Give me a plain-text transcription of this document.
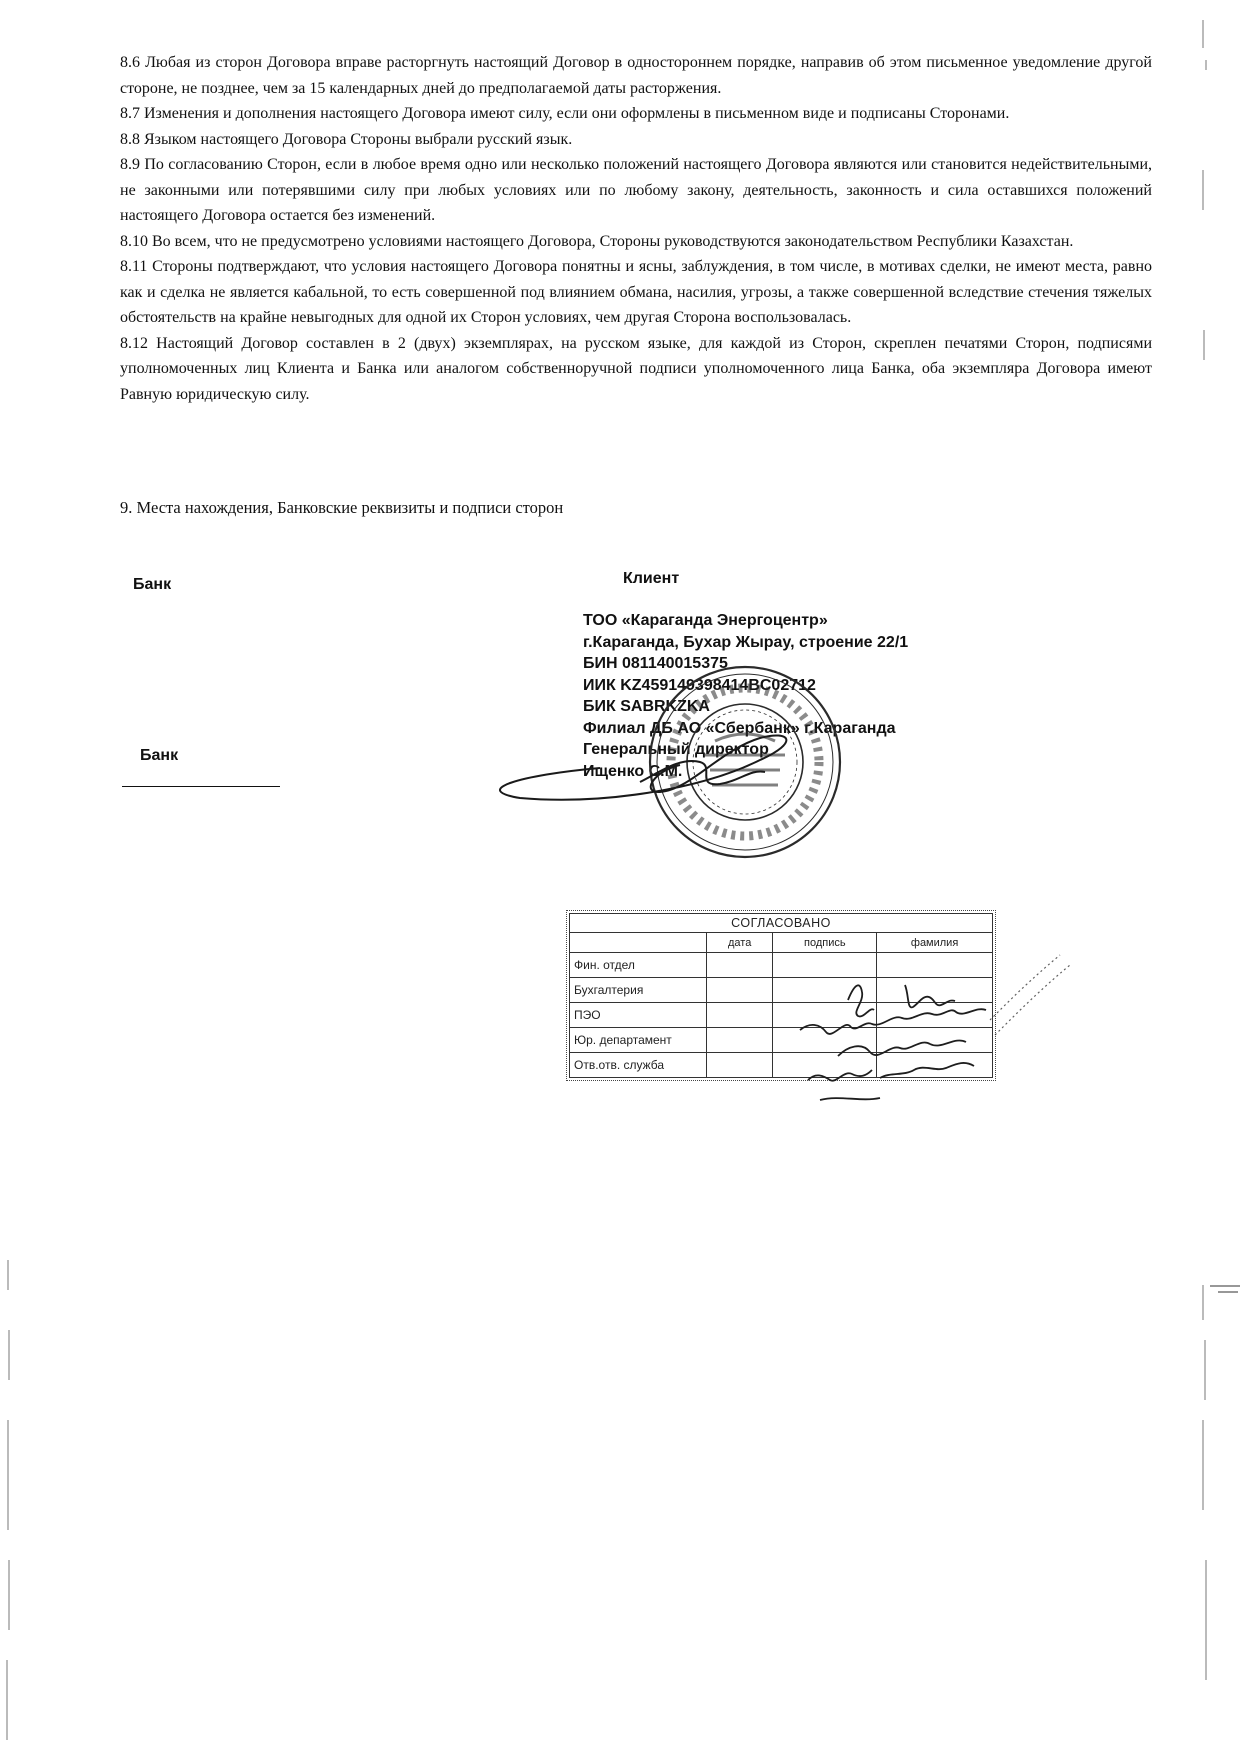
8.6 Любая из сторон Договора вправе расторгнуть настоящий Договор в одностороннем порядке, направив об этом письменное уведомление другой стороне, не позднее, чем за 15 календарных дней до предполагаемой даты расторжения.

8.7 Изменения и дополнения настоящего Договора имеют силу, если они оформлены в письменном виде и подписаны Сторонами.

8.8 Языком настоящего Договора Стороны выбрали русский язык.

8.9 По согласованию Сторон, если в любое время одно или несколько положений настоящего Договора являются или становится недействительными, не законными или потерявшими силу при любых условиях или по любому закону, деятельность, законность и сила оставшихся положений настоящего Договора остается без изменений.

8.10 Во всем, что не предусмотрено условиями настоящего Договора, Стороны руководствуются законодательством Республики Казахстан.

8.11 Стороны подтверждают, что условия настоящего Договора понятны и ясны, заблуждения, в том числе, в мотивах сделки, не имеют места, равно как и сделка не является кабальной, то есть совершенной под влиянием обмана, насилия, угрозы, а также совершенной вследствие стечения тяжелых обстоятельств на крайне невыгодных для одной их Сторон условиях, чем другая Сторона воспользовалась.

8.12 Настоящий Договор составлен в 2 (двух) экземплярах, на русском языке, для каждой из Сторон, скреплен печатями Сторон, подписями уполномоченных лиц Клиента и Банка или аналогом собственноручной подписи уполномоченного лица Банка, оба экземпляра Договора имеют Равную юридическую силу.

9. Места нахождения, Банковские реквизиты и подписи сторон

Банк	Клиент

ТОО «Караганда Энергоцентр»
г.Караганда, Бухар Жырау, строение 22/1
БИН 081140015375
ИИК KZ459149398414BC02712
БИК SABRKZKA
Филиал ДБ АО «Сбербанк» г.Караганда
Генеральный директор
Ищенко С.М.

Банк

СОГЛАСОВАНО			
	дата	подпись	фамилия
Фин. отдел			
Бухгалтерия			
ПЭО			
Юр. департамент			
Отв.отв. служба			
